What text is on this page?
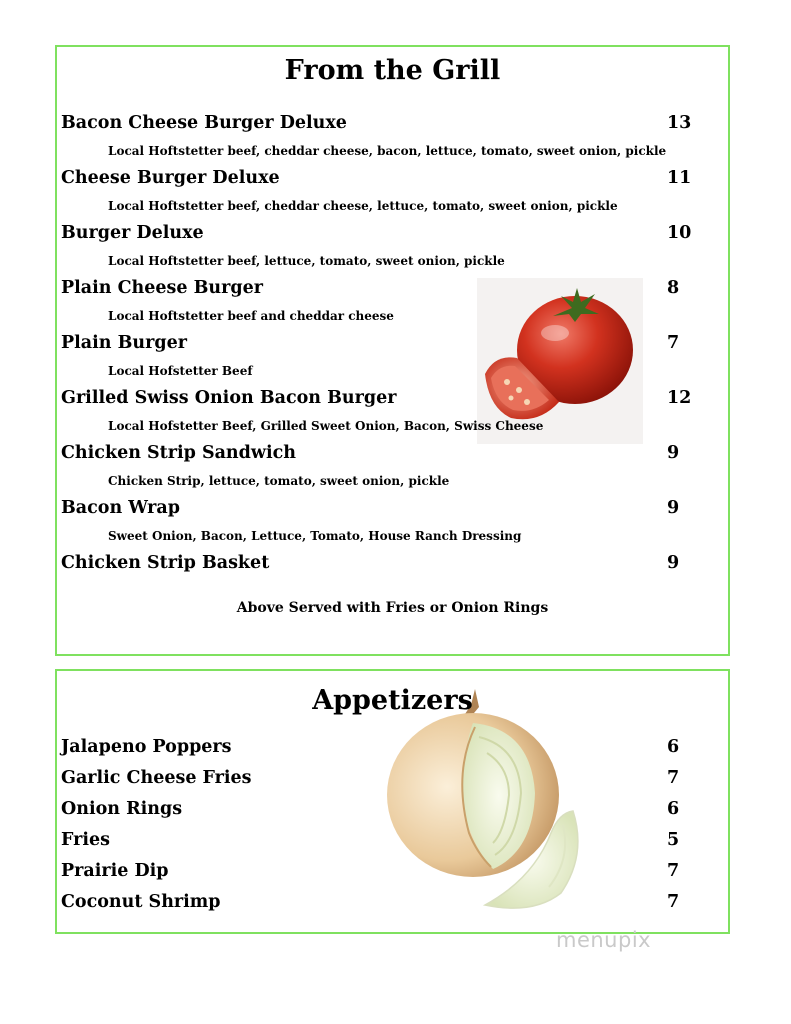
From the Grill
Bacon Cheese Burger Deluxe	13
Local Hoftstetter beef, cheddar cheese, bacon, lettuce, tomato, sweet onion, pickle
Cheese Burger Deluxe	11
Local Hoftstetter beef, cheddar cheese, lettuce, tomato, sweet onion, pickle
Burger Deluxe	10
Local Hoftstetter beef, lettuce, tomato, sweet onion, pickle
Plain Cheese Burger	8
Local Hoftstetter beef and cheddar cheese
Plain Burger	7
Local Hofstetter Beef
Grilled Swiss Onion Bacon Burger	12
Local Hofstetter Beef, Grilled Sweet Onion, Bacon, Swiss Cheese
Chicken Strip Sandwich	9
Chicken Strip, lettuce, tomato, sweet onion, pickle
Bacon Wrap	9
Sweet Onion, Bacon, Lettuce, Tomato, House Ranch Dressing
Chicken Strip Basket	9
Above Served with Fries or Onion Rings
Appetizers
Jalapeno Poppers	6
Garlic Cheese Fries	7
Onion Rings	6
Fries	5
Prairie Dip	7
Coconut Shrimp	7
menupix
